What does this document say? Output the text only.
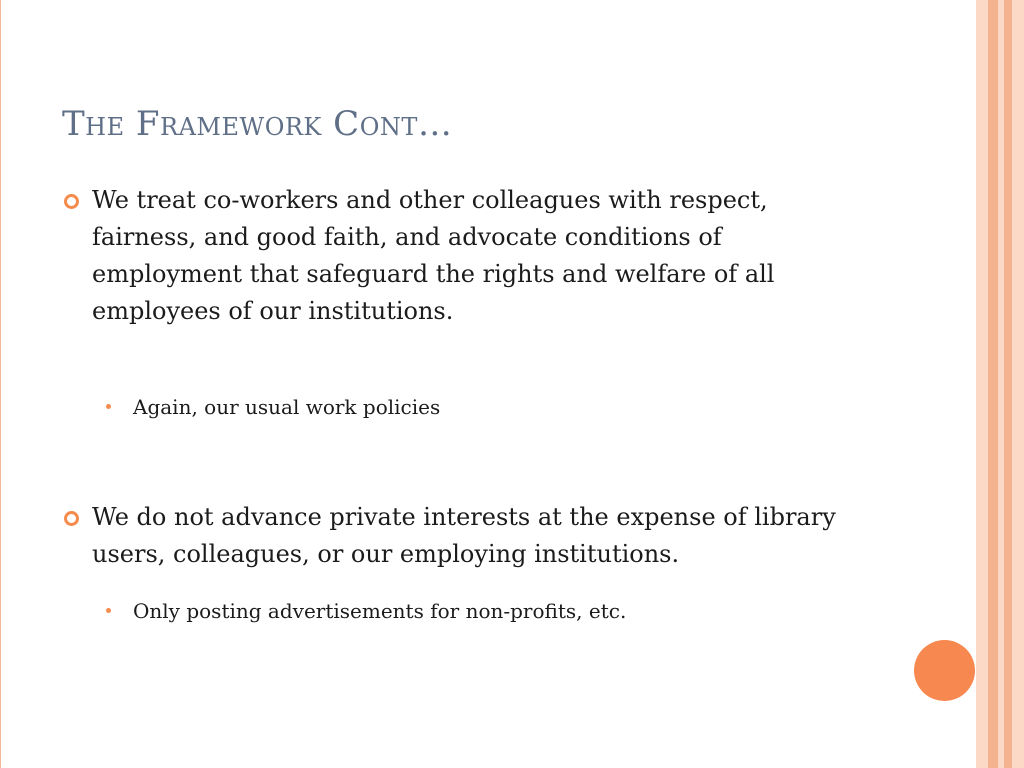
The Framework Cont…
We treat co-workers and other colleagues with respect, fairness, and good faith, and advocate conditions of employment that safeguard the rights and welfare of all employees of our institutions.
Again, our usual work policies
We do not advance private interests at the expense of library users, colleagues, or our employing institutions.
Only posting advertisements for non-profits, etc.
